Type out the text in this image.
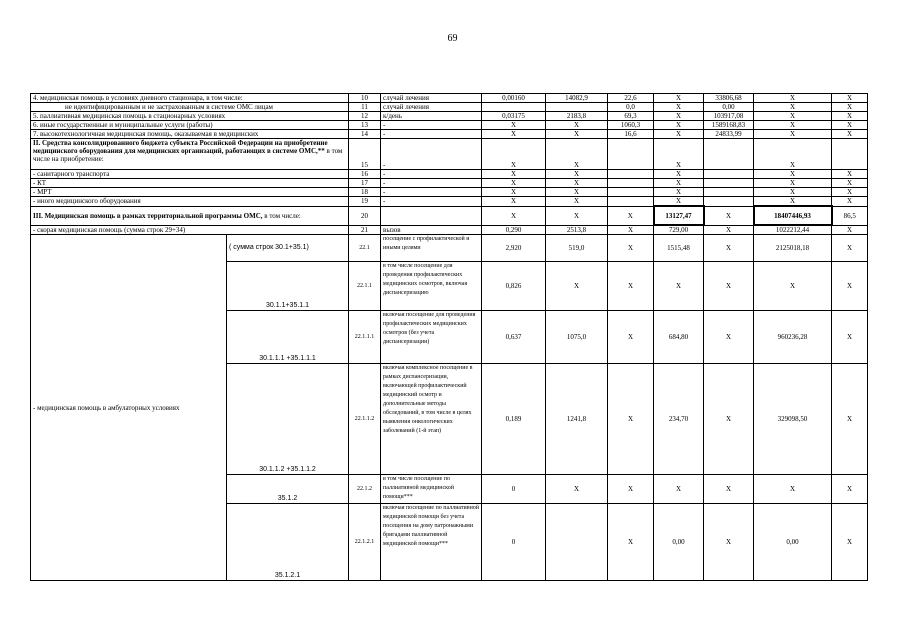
69
4. медицинская помощь в условиях дневного стационара, в том числе:		10	случай лечения	0,00160	14082,9	22,6	X	33806,68	X	X
не идентифицированным и не застрахованным в системе ОМС лицам		11	случай лечения			0,0	X	0,00	X	X
5. паллиативная медицинская помощь в стационарных условиях		12	к/день	0,03175	2183,8	69,3	X	103917,08	X	X
6. иные государственные и муниципальные услуги (работы)		13	-	X	X	1060,3	X	1589168,83	X	X
7. высокотехнологичная медицинская помощь, оказываемая в медицинских		14	-	X	X	16,6	X	24833,99	X	X
II. Средства консолидированного бюджета субъекта Российской Федерации на приобретение медицинского оборудования для медицинских организаций, работающих в системе ОМС,** в том числе на приобретение:		15	-	X	X		X		X	
- санитарного транспорта		16	-	X	X		X		X	X
- КТ		17	-	X	X		X		X	X
- МРТ		18	-	X	X		X		X	X
- иного медицинского оборудования		19	-	X	X		X		X	X
III. Медицинская помощь в рамках территориальной программы ОМС, в том числе:		20		X	X	X	13127,47	X	18407446,93	86,5
- скорая медицинская помощь (сумма строк 29+34)		21	вызов	0,290	2513,8	X	729,00	X	1022212,44	X
- медицинская помощь в амбулаторных условиях	( сумма строк 30.1+35.1)	22.1	посещение с профилактической и иными целями	2,920	519,0	X	1515,48	X	2125018,18	X
	30.1.1+35.1.1	22.1.1	в том числе посещение для проведения профилактических медицинских осмотров, включая диспансеризацию	0,826	X	X	X	X	X	X
	30.1.1.1 +35.1.1.1	22.1.1.1	включая посещение для проведения профилактических медицинских осмотров (без учета диспансеризации)	0,637	1075,0	X	684,80	X	960236,28	X
	30.1.1.2 +35.1.1.2	22.1.1.2	включая комплексное посещение в рамках диспансеризации, включающей профилактический медицинский осмотр и дополнительные методы обследований, в том числе в целях выявления онкологических заболеваний (1-й этап)	0,189	1241,8	X	234,70	X	329098,50	X
	35.1.2	22.1.2	в том числе посещение по паллиативной медицинской помощи***	0	X	X	X	X	X	X
	35.1.2.1	22.1.2.1	включая посещение по паллиативной медицинской помощи без учета посещения на дому патронажными бригадами паллиативной медицинской помощи***	0		X	0,00	X	0,00	X
